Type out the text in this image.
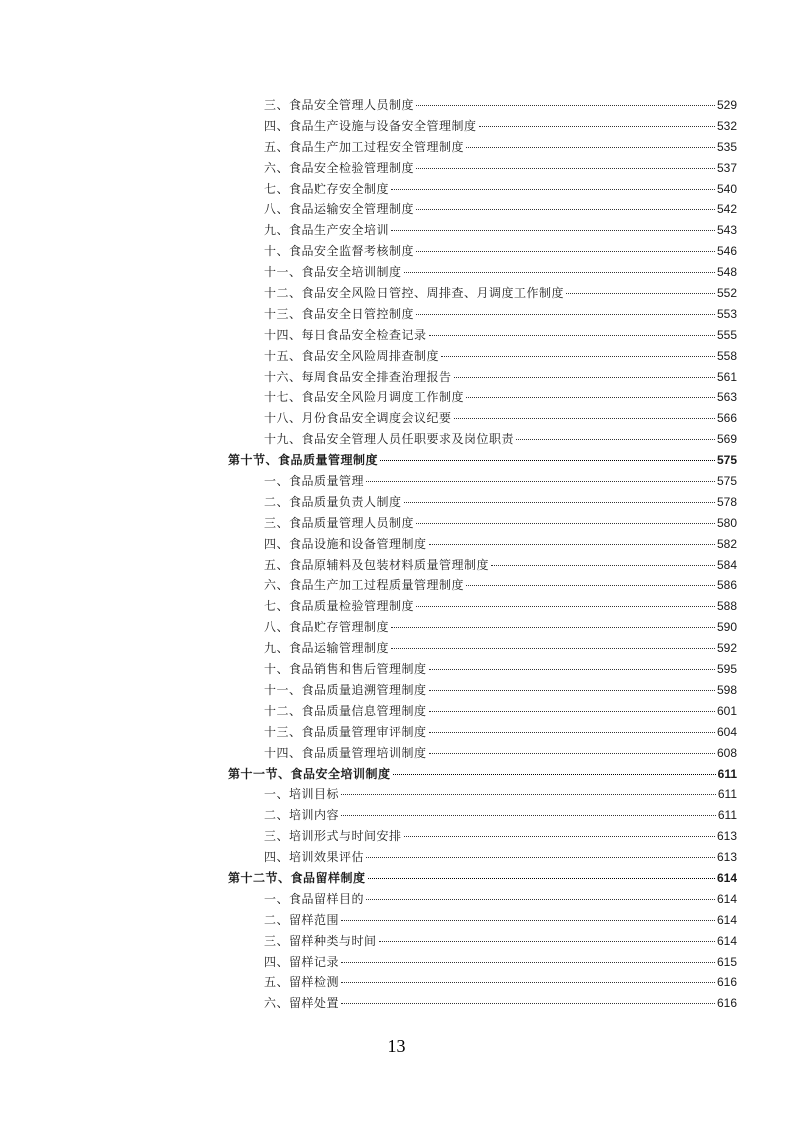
三、食品安全管理人员制度	529
四、食品生产设施与设备安全管理制度	532
五、食品生产加工过程安全管理制度	535
六、食品安全检验管理制度	537
七、食品贮存安全制度	540
八、食品运输安全管理制度	542
九、食品生产安全培训	543
十、食品安全监督考核制度	546
十一、食品安全培训制度	548
十二、食品安全风险日管控、周排查、月调度工作制度	552
十三、食品安全日管控制度	553
十四、每日食品安全检查记录	555
十五、食品安全风险周排查制度	558
十六、每周食品安全排查治理报告	561
十七、食品安全风险月调度工作制度	563
十八、月份食品安全调度会议纪要	566
十九、食品安全管理人员任职要求及岗位职责	569
第十节、食品质量管理制度	575
一、食品质量管理	575
二、食品质量负责人制度	578
三、食品质量管理人员制度	580
四、食品设施和设备管理制度	582
五、食品原辅料及包装材料质量管理制度	584
六、食品生产加工过程质量管理制度	586
七、食品质量检验管理制度	588
八、食品贮存管理制度	590
九、食品运输管理制度	592
十、食品销售和售后管理制度	595
十一、食品质量追溯管理制度	598
十二、食品质量信息管理制度	601
十三、食品质量管理审评制度	604
十四、食品质量管理培训制度	608
第十一节、食品安全培训制度	611
一、培训目标	611
二、培训内容	611
三、培训形式与时间安排	613
四、培训效果评估	613
第十二节、食品留样制度	614
一、食品留样目的	614
二、留样范围	614
三、留样种类与时间	614
四、留样记录	615
五、留样检测	616
六、留样处置	616
13
